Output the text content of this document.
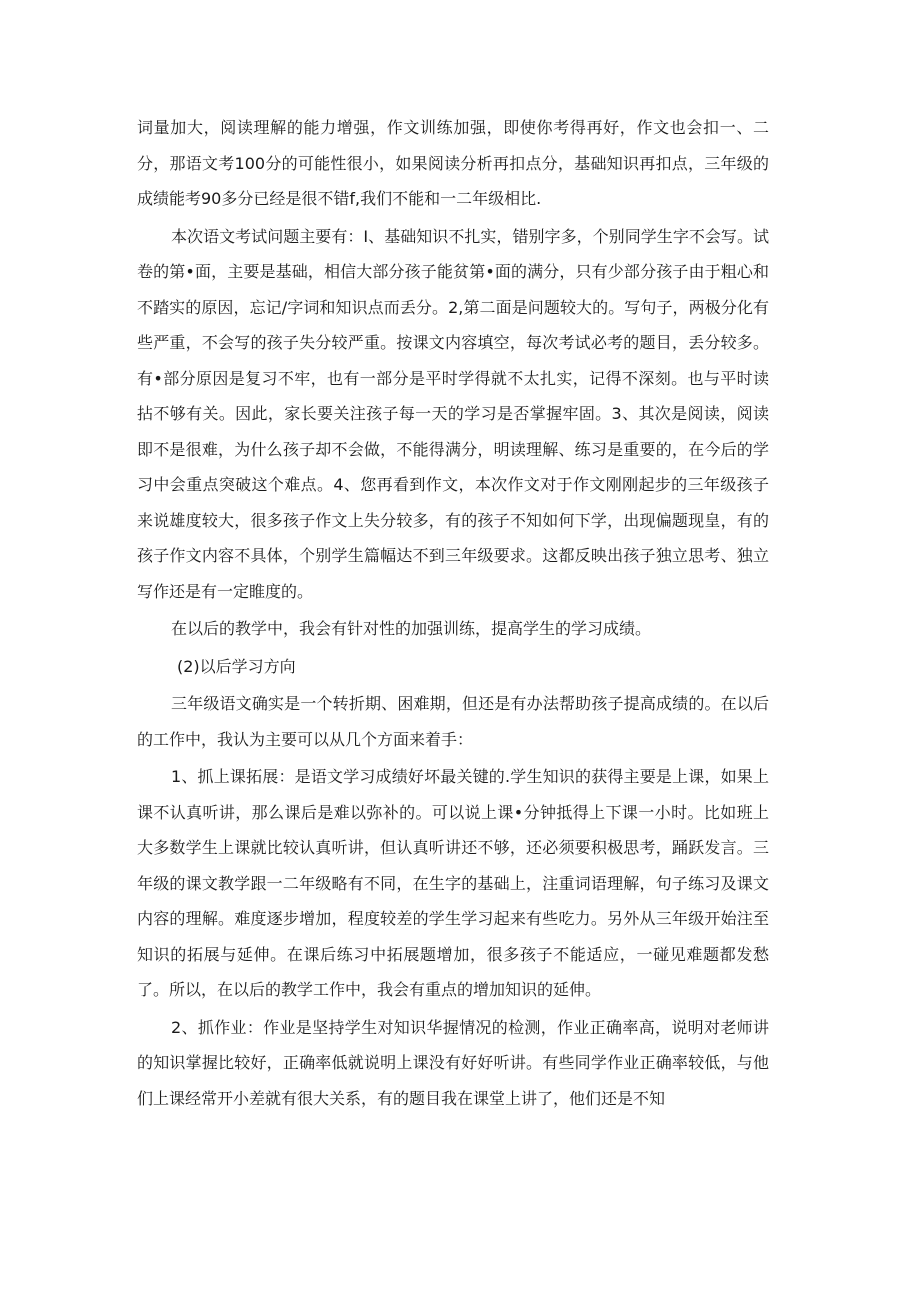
词量加大，阅读理解的能力增强，作文训练加强，即使你考得再好，作文也会扣一、二分，那语文考100分的可能性很小，如果阅读分析再扣点分，基础知识再扣点，三年级的成绩能考90多分已经是很不错f,我们不能和一二年级相比.

本次语文考试问题主要有：I、基础知识不扎实，错别字多，个别同学生字不会写。试卷的第•面，主要是基础，相信大部分孩子能贫第•面的满分，只有少部分孩子由于粗心和不踏实的原因，忘记/字词和知识点而丢分。2,第二面是问题较大的。写句子，两极分化有些严重，不会写的孩子失分较严重。按课文内容填空，每次考试必考的题目，丢分较多。有•部分原因是复习不牢，也有一部分是平时学得就不太扎实，记得不深刻。也与平时读拈不够有关。因此，家长要关注孩子每一天的学习是否掌握牢固。3、其次是阅读，阅读即不是很难，为什么孩子却不会做，不能得满分，明读理解、练习是重要的，在今后的学习中会重点突破这个难点。4、您再看到作文，本次作文对于作文刚刚起步的三年级孩子来说雄度较大，很多孩子作文上失分较多，有的孩子不知如何下学，出现偏题现皇，有的孩子作文内容不具体，个别学生篇幅达不到三年级要求。这都反映出孩子独立思考、独立写作还是有一定睢度的。

在以后的教学中，我会有针对性的加强训练，提高学生的学习成绩。

(2)以后学习方向

三年级语文确实是一个转折期、困难期，但还是有办法帮助孩子提高成绩的。在以后的工作中，我认为主要可以从几个方面来着手：

1、抓上课拓展：是语文学习成绩好坏最关键的.学生知识的获得主要是上课，如果上课不认真听讲，那么课后是难以弥补的。可以说上课•分钟抵得上下课一小时。比如班上大多数学生上课就比较认真听讲，但认真听讲还不够，还必须要积极思考，踊跃发言。三年级的课文教学跟一二年级略有不同，在生字的基础上，注重词语理解，句子练习及课文内容的理解。难度逐步增加，程度较差的学生学习起来有些吃力。另外从三年级开始注至知识的拓展与延伸。在课后练习中拓展题增加，很多孩子不能适应，一碰见难题都发愁了。所以，在以后的教学工作中，我会有重点的增加知识的延伸。

2、抓作业：作业是坚持学生对知识华握情况的检测，作业正确率高，说明对老师讲的知识掌握比较好，正确率低就说明上课没有好好听讲。有些同学作业正确率较低，与他们上课经常开小差就有很大关系，有的题目我在课堂上讲了，他们还是不知
